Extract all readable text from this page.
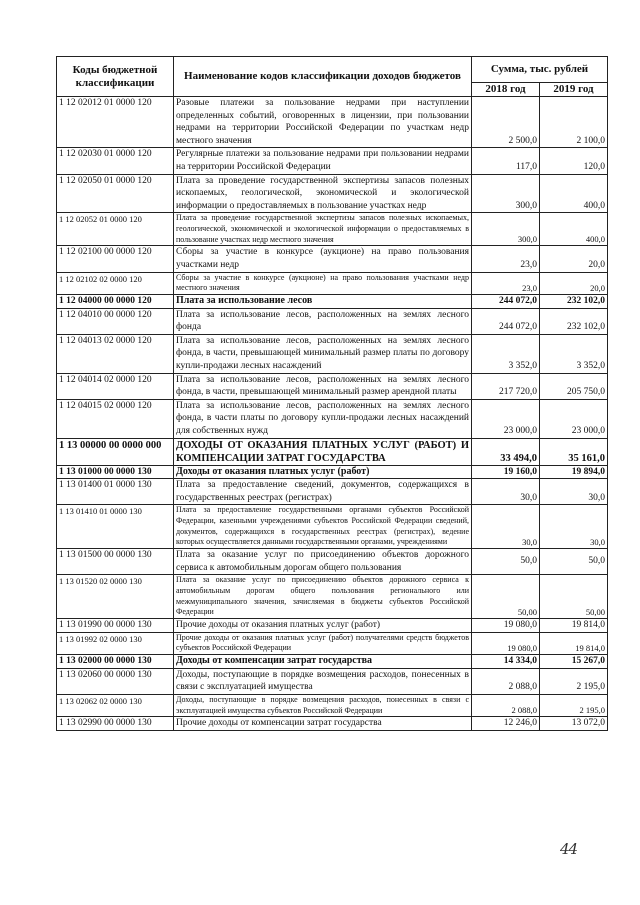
Коды бюджетной классификации	Наименование кодов классификации доходов бюджетов	Сумма, тыс. рублей	
		2018 год	2019 год
1 12 02012 01 0000 120	Разовые платежи за пользование недрами при наступлении определенных событий, оговоренных в лицензии, при пользовании недрами на территории Российской Федерации по участкам недр местного значения	2 500,0	2 100,0
1 12 02030 01 0000 120	Регулярные платежи за пользование недрами при пользовании недрами на территории Российской Федерации	117,0	120,0
1 12 02050 01 0000 120	Плата за проведение государственной экспертизы запасов полезных ископаемых, геологической, экономической и экологической информации о предоставляемых в пользование участках недр	300,0	400,0
1 12 02052 01 0000 120	Плата за проведение государственной экспертизы запасов полезных ископаемых, геологической, экономической и экологической информации о предоставляемых в пользование участках недр местного значения	300,0	400,0
1 12 02100 00 0000 120	Сборы за участие в конкурсе (аукционе) на право пользования участками недр	23,0	20,0
1 12 02102 02 0000 120	Сборы за участие в конкурсе (аукционе) на право пользования участками недр местного значения	23,0	20,0
1 12 04000 00 0000 120	Плата за использование лесов	244 072,0	232 102,0
1 12 04010 00 0000 120	Плата за использование лесов, расположенных на землях лесного фонда	244 072,0	232 102,0
1 12 04013 02 0000 120	Плата за использование лесов, расположенных на землях лесного фонда, в части, превышающей минимальный размер платы по договору купли-продажи лесных насаждений	3 352,0	3 352,0
1 12 04014 02 0000 120	Плата за использование лесов, расположенных на землях лесного фонда, в части, превышающей минимальный размер арендной платы	217 720,0	205 750,0
1 12 04015 02 0000 120	Плата за использование лесов, расположенных на землях лесного фонда, в части платы по договору купли-продажи лесных насаждений для собственных нужд	23 000,0	23 000,0
1 13 00000 00 0000 000	ДОХОДЫ ОТ ОКАЗАНИЯ ПЛАТНЫХ УСЛУГ (РАБОТ) И КОМПЕНСАЦИИ ЗАТРАТ ГОСУДАРСТВА	33 494,0	35 161,0
1 13 01000 00 0000 130	Доходы от оказания платных услуг (работ)	19 160,0	19 894,0
1 13 01400 01 0000 130	Плата за предоставление сведений, документов, содержащихся в государственных реестрах (регистрах)	30,0	30,0
1 13 01410 01 0000 130	Плата за предоставление государственными органами субъектов Российской Федерации, казенными учреждениями субъектов Российской Федерации сведений, документов, содержащихся в государственных реестрах (регистрах), ведение которых осуществляется данными государственными органами, учреждениями	30,0	30,0
1 13 01500 00 0000 130	Плата за оказание услуг по присоединению объектов дорожного сервиса к автомобильным дорогам общего пользования	50,0	50,0
1 13 01520 02 0000 130	Плата за оказание услуг по присоединению объектов дорожного сервиса к автомобильным дорогам общего пользования регионального или межмуниципального значения, зачисляемая в бюджеты субъектов Российской Федерации	50,00	50,00
1 13 01990 00 0000 130	Прочие доходы от оказания платных услуг (работ)	19 080,0	19 814,0
1 13 01992 02 0000 130	Прочие доходы от оказания платных услуг (работ) получателями средств бюджетов субъектов Российской Федерации	19 080,0	19 814,0
1 13 02000 00 0000 130	Доходы от компенсации затрат государства	14 334,0	15 267,0
1 13 02060 00 0000 130	Доходы, поступающие в порядке возмещения расходов, понесенных в связи с эксплуатацией имущества	2 088,0	2 195,0
1 13 02062 02 0000 130	Доходы, поступающие в порядке возмещения расходов, понесенных в связи с эксплуатацией имущества субъектов Российской Федерации	2 088,0	2 195,0
1 13 02990 00 0000 130	Прочие доходы от компенсации затрат государства	12 246,0	13 072,0
44
